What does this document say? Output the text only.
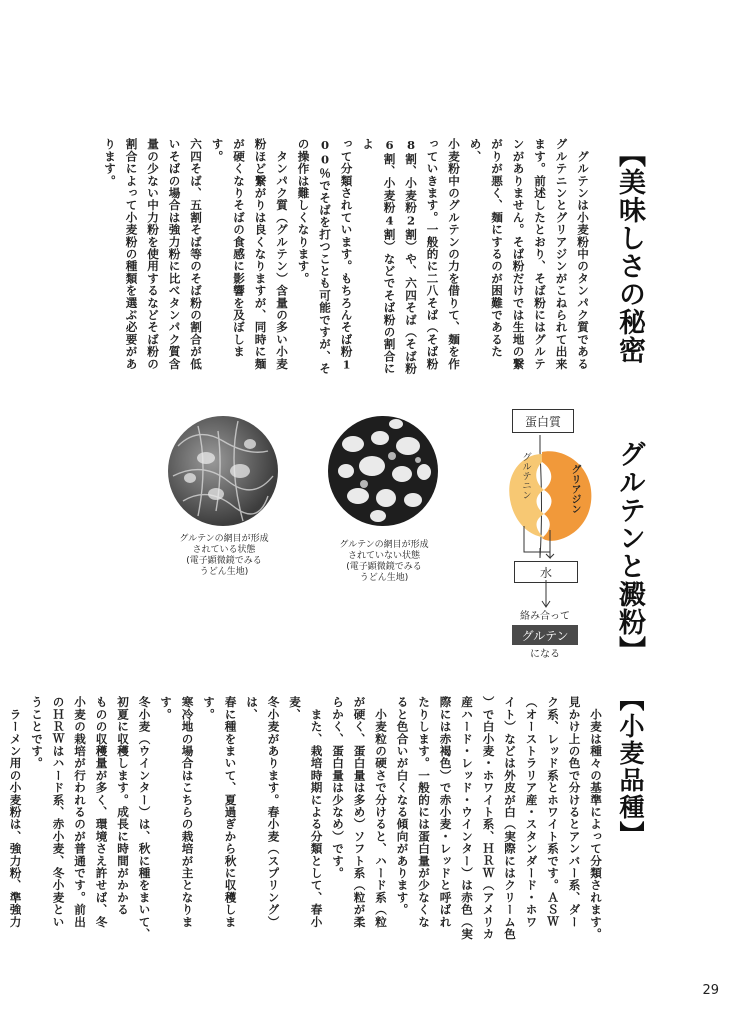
【美味しさの秘密 グルテンと澱粉】
　グルテンは小麦粉中のタンパク質である
グルテニンとグリアジンがこねられて出来
ます。前述したとおり、そば粉にはグルテ
ンがありません。そば粉だけでは生地の繋
がりが悪く、麺にするのが困難であるため、
小麦粉中のグルテンの力を借りて、麺を作
っていきます。一般的に二八そば（そば粉
8割、小麦粉2割）や、六四そば（そば粉
6割、小麦粉4割）などでそば粉の割合によ
って分類されています。もちろんそば粉1
00％でそばを打つことも可能ですが、そ
の操作は難しくなります。
　タンパク質（グルテン）含量の多い小麦
粉ほど繋がりは良くなりますが、同時に麺
が硬くなりそばの食感に影響を及ぼします。
六四そば、五割そば等のそば粉の割合が低
いそばの場合は強力粉に比べタンパク質含
量の少ない中力粉を使用するなどそば粉の
割合によって小麦粉の種類を選ぶ必要があ
ります。
グルテンの網目が形成
されている状態
(電子顕微鏡でみる
うどん生地)
グルテンの網目が形成
されていない状態
(電子顕微鏡でみる
うどん生地)
蛋白質
グルテニン	グリアジン
水
絡み合って
グルテン
になる
【小麦品種】
　小麦は種々の基準によって分類されます。
見かけ上の色で分けるとアンバー系、ダー
ク系、レッド系とホワイト系です。ＡＳＷ
（オーストラリア産・スタンダード・ホワ
イト）などは外皮が白（実際にはクリーム色
）で白小麦・ホワイト系、ＨＲＷ（アメリカ
産ハード・レッド・ウインター）は赤色（実
際には赤褐色）で赤小麦・レッドと呼ばれ
たりします。一般的には蛋白量が少なくな
ると色合いが白くなる傾向があります。
　小麦粒の硬さで分けると、ハード系（粒
が硬く、蛋白量は多め）ソフト系（粒が柔
らかく、蛋白量は少なめ）です。
　また、栽培時期による分類として、春小麦、
冬小麦があります。春小麦（スプリング）は、
春に種をまいて、夏過ぎから秋に収穫します。
寒冷地の場合はこちらの栽培が主となります。
冬小麦（ウインター）は、秋に種をまいて、
初夏に収穫します。成長に時間がかかる
ものの収穫量が多く、環境さえ許せば、冬
小麦の栽培が行われるのが普通です。前出
のＨＲＷはハード系、赤小麦、冬小麦とい
うことです。
　ラーメン用の小麦粉は、強力粉、準強力
29
